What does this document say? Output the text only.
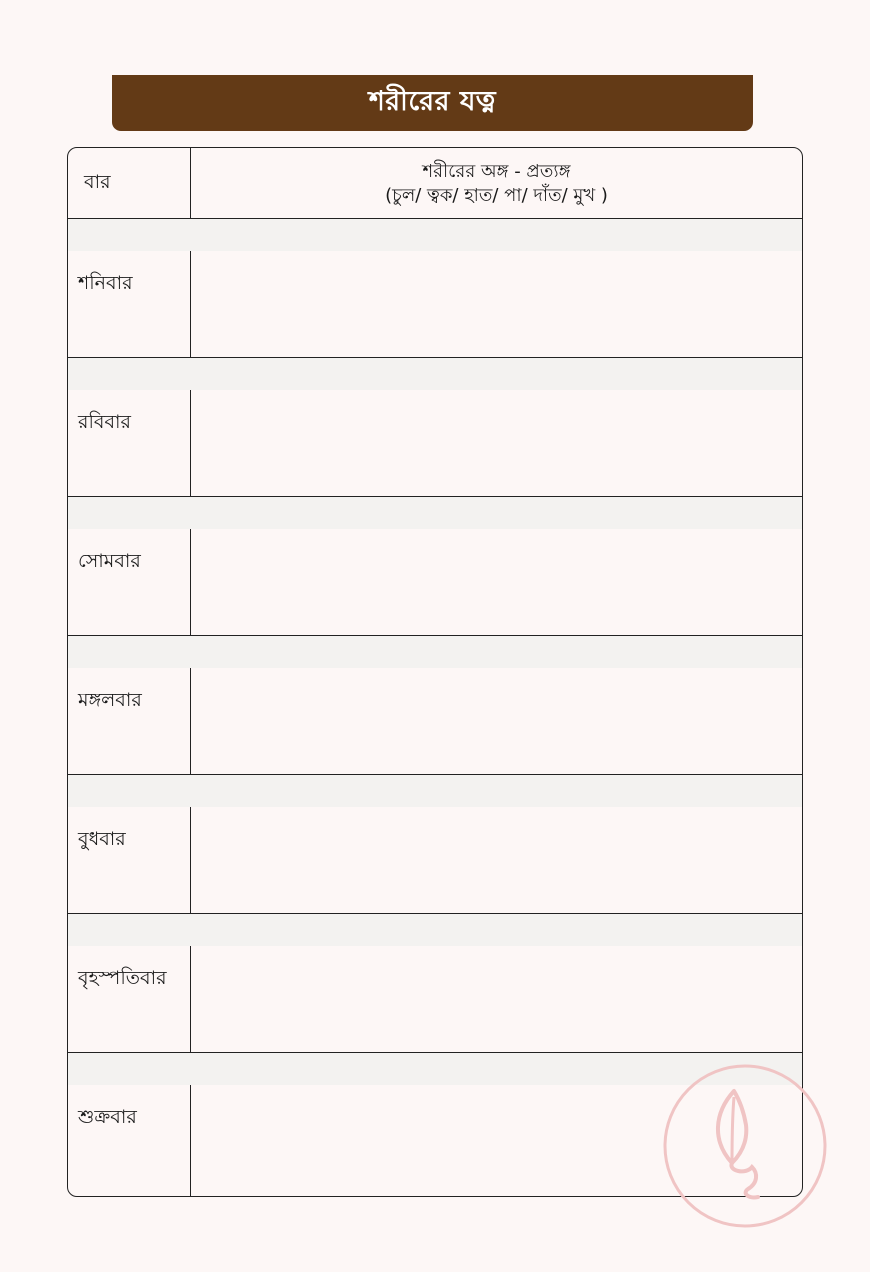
শরীরের যত্ন
বার	শরীরের অঙ্গ - প্রত্যঙ্গ
(চুল/ ত্বক/ হাত/ পা/ দাঁত/ মুখ )
শনিবার
রবিবার
সোমবার
মঙ্গলবার
বুধবার
বৃহস্পতিবার
শুক্রবার
